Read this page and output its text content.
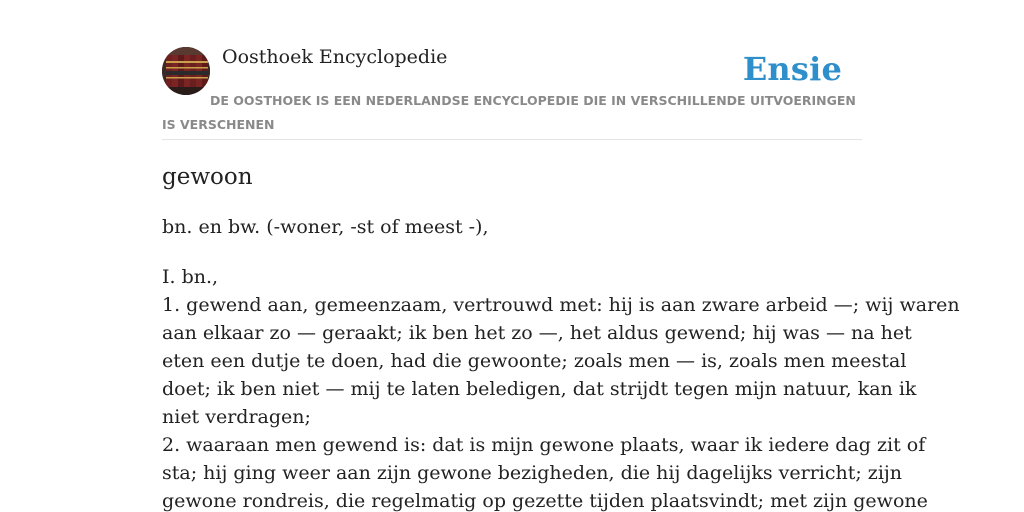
Oosthoek Encyclopedie	Ensie
DE OOSTHOEK IS EEN NEDERLANDSE ENCYCLOPEDIE DIE IN VERSCHILLENDE UITVOERINGEN IS VERSCHENEN
gewoon

bn. en bw. (-woner, -st of meest -),

I. bn.,
1. gewend aan, gemeenzaam, vertrouwd met: hij is aan zware arbeid —; wij waren
aan elkaar zo — geraakt; ik ben het zo —, het aldus gewend; hij was — na het
eten een dutje te doen, had die gewoonte; zoals men — is, zoals men meestal
doet; ik ben niet — mij te laten beledigen, dat strijdt tegen mijn natuur, kan ik
niet verdragen;
2. waaraan men gewend is: dat is mijn gewone plaats, waar ik iedere dag zit of
sta; hij ging weer aan zijn gewone bezigheden, die hij dagelijks verricht; zijn
gewone rondreis, die regelmatig op gezette tijden plaatsvindt; met zijn gewone
